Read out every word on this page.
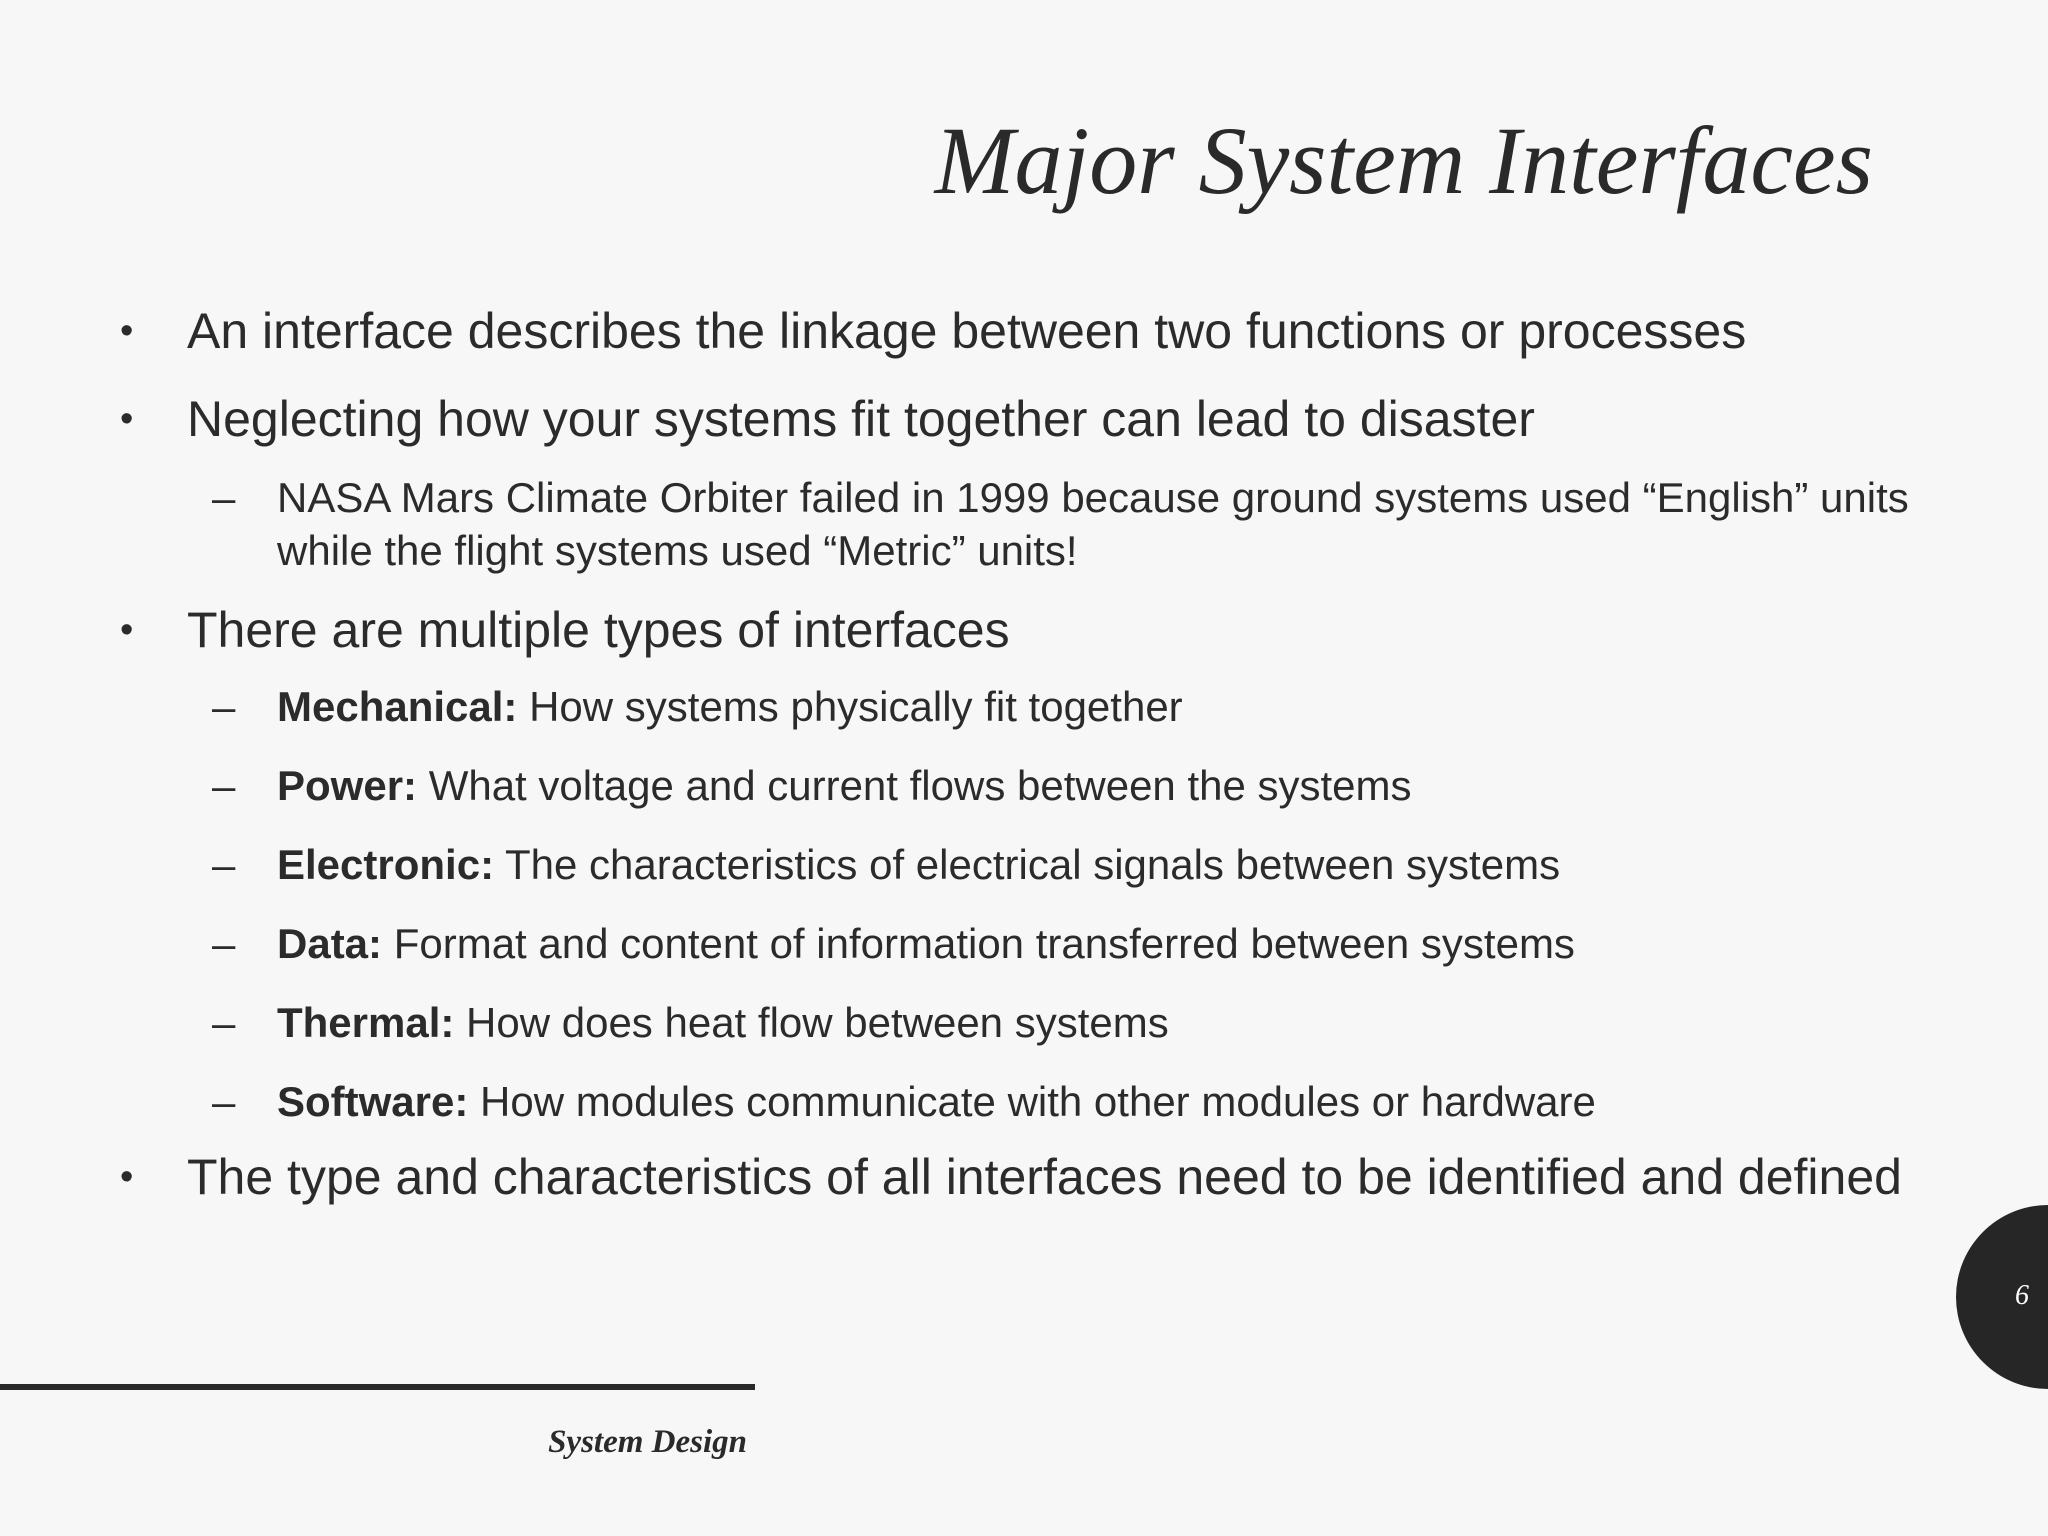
Major System Interfaces
•	An interface describes the linkage between two functions or processes
•	Neglecting how your systems fit together can lead to disaster
– NASA Mars Climate Orbiter failed in 1999 because ground systems used “English” units while the flight systems used “Metric” units!
•	There are multiple types of interfaces
– Mechanical: How systems physically fit together
– Power: What voltage and current flows between the systems
– Electronic: The characteristics of electrical signals between systems
– Data: Format and content of information transferred between systems
– Thermal: How does heat flow between systems
– Software: How modules communicate with other modules or hardware
•	The type and characteristics of all interfaces need to be identified and defined
System Design
6
